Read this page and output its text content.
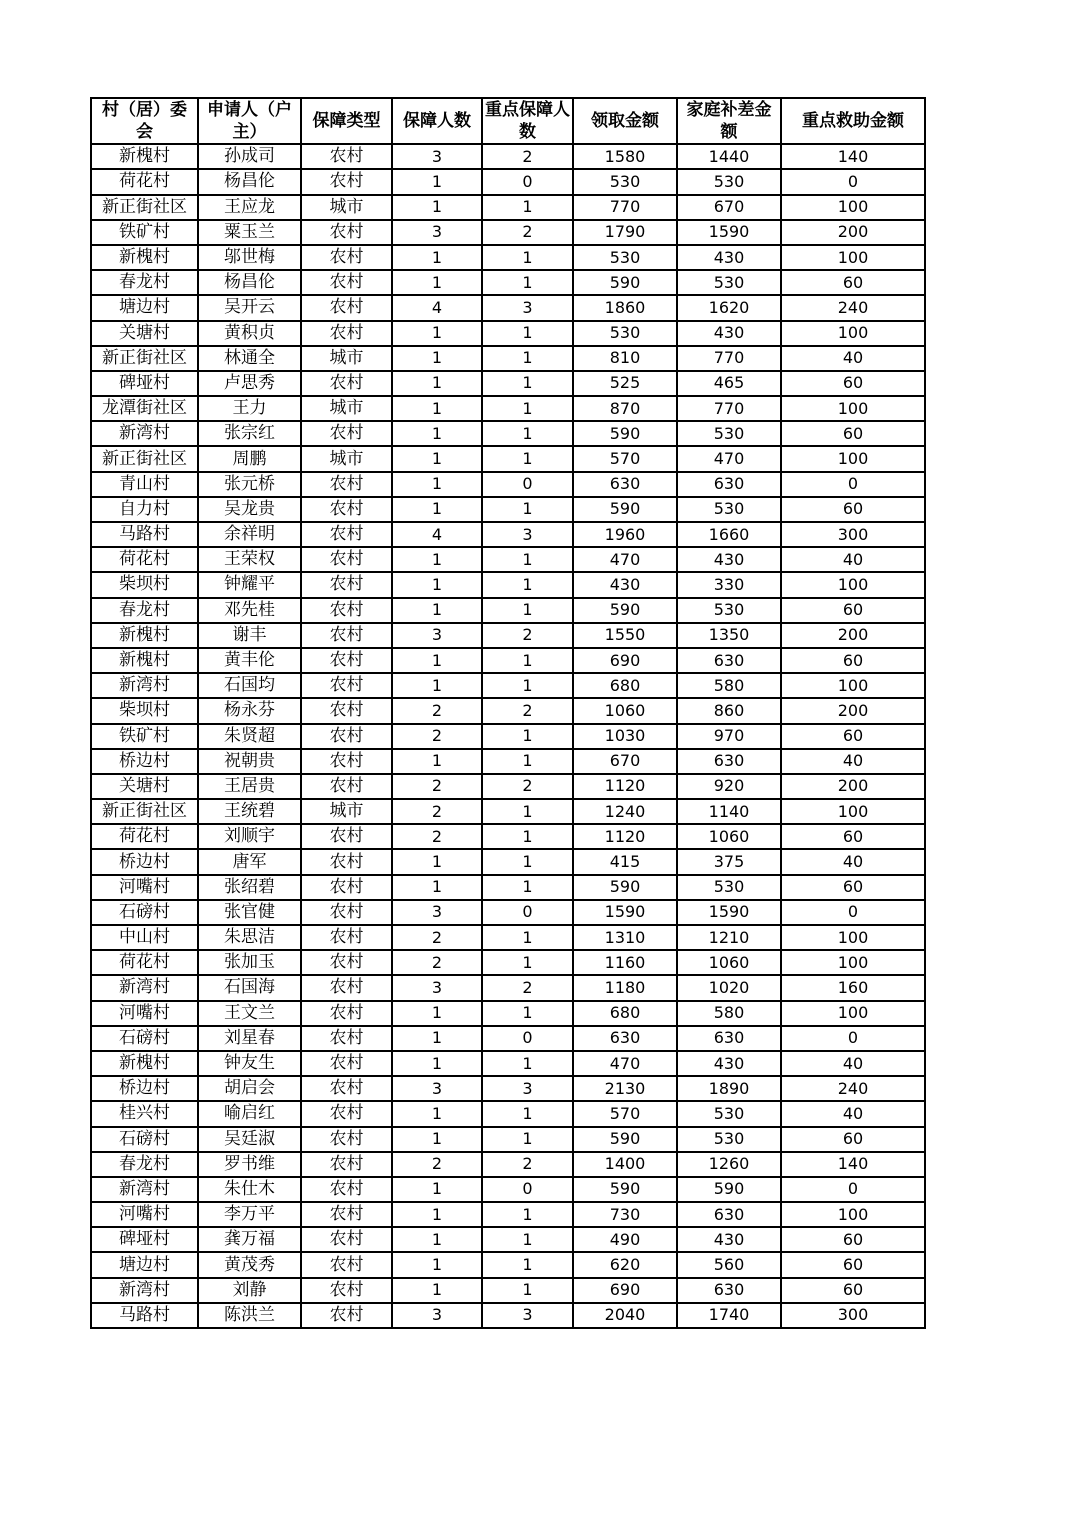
村（居）委会	申请人（户主）	保障类型	保障人数	重点保障人数	领取金额	家庭补差金额	重点救助金额
新槐村	孙成司	农村	3	2	1580	1440	140
荷花村	杨昌伦	农村	1	0	530	530	0
新正街社区	王应龙	城市	1	1	770	670	100
铁矿村	粟玉兰	农村	3	2	1790	1590	200
新槐村	邬世梅	农村	1	1	530	430	100
春龙村	杨昌伦	农村	1	1	590	530	60
塘边村	吴开云	农村	4	3	1860	1620	240
关塘村	黄积贞	农村	1	1	530	430	100
新正街社区	林通全	城市	1	1	810	770	40
碑垭村	卢思秀	农村	1	1	525	465	60
龙潭街社区	王力	城市	1	1	870	770	100
新湾村	张宗红	农村	1	1	590	530	60
新正街社区	周鹏	城市	1	1	570	470	100
青山村	张元桥	农村	1	0	630	630	0
自力村	吴龙贵	农村	1	1	590	530	60
马路村	余祥明	农村	4	3	1960	1660	300
荷花村	王荣权	农村	1	1	470	430	40
柴坝村	钟耀平	农村	1	1	430	330	100
春龙村	邓先桂	农村	1	1	590	530	60
新槐村	谢丰	农村	3	2	1550	1350	200
新槐村	黄丰伦	农村	1	1	690	630	60
新湾村	石国均	农村	1	1	680	580	100
柴坝村	杨永芬	农村	2	2	1060	860	200
铁矿村	朱贤超	农村	2	1	1030	970	60
桥边村	祝朝贵	农村	1	1	670	630	40
关塘村	王居贵	农村	2	2	1120	920	200
新正街社区	王统碧	城市	2	1	1240	1140	100
荷花村	刘顺宇	农村	2	1	1120	1060	60
桥边村	唐军	农村	1	1	415	375	40
河嘴村	张绍碧	农村	1	1	590	530	60
石磅村	张官健	农村	3	0	1590	1590	0
中山村	朱思洁	农村	2	1	1310	1210	100
荷花村	张加玉	农村	2	1	1160	1060	100
新湾村	石国海	农村	3	2	1180	1020	160
河嘴村	王文兰	农村	1	1	680	580	100
石磅村	刘星春	农村	1	0	630	630	0
新槐村	钟友生	农村	1	1	470	430	40
桥边村	胡启会	农村	3	3	2130	1890	240
桂兴村	喻启红	农村	1	1	570	530	40
石磅村	吴廷淑	农村	1	1	590	530	60
春龙村	罗书维	农村	2	2	1400	1260	140
新湾村	朱仕木	农村	1	0	590	590	0
河嘴村	李万平	农村	1	1	730	630	100
碑垭村	龚万福	农村	1	1	490	430	60
塘边村	黄茂秀	农村	1	1	620	560	60
新湾村	刘静	农村	1	1	690	630	60
马路村	陈洪兰	农村	3	3	2040	1740	300
